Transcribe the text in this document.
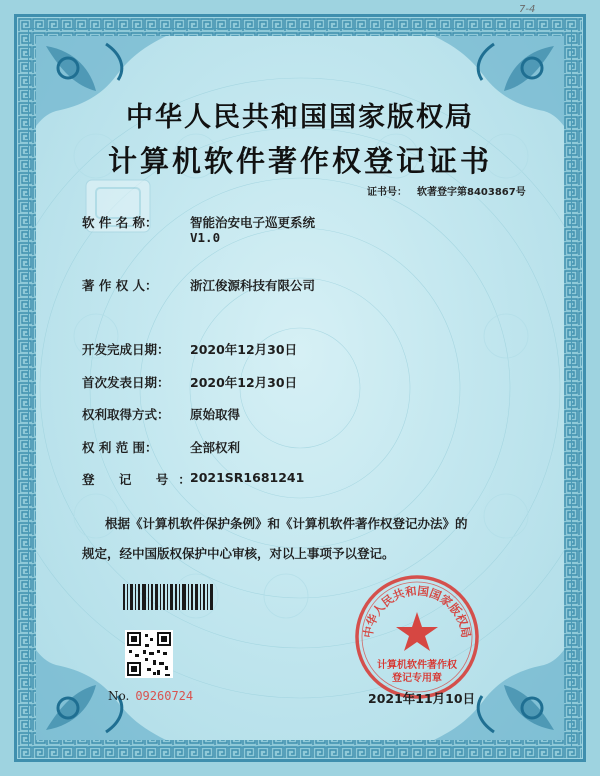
7-4
中华人民共和国国家版权局
计算机软件著作权登记证书
证书号： 软著登字第8403867号
软 件 名 称：	智能治安电子巡更系统
V1.0
著 作 权 人：	浙江俊源科技有限公司
开发完成日期： 2020年12月30日
首次发表日期： 2020年12月30日
权利取得方式： 原始取得
权 利 范 围：	全部权利
登 记 号：
2021SR1681241
根据《计算机软件保护条例》和《计算机软件著作权登记办法》的
规定，经中国版权保护中心审核，对以上事项予以登记。
No. 09260724
中华人民共和国国家版权局
计算机软件著作权
登记专用章
2021年11月10日
